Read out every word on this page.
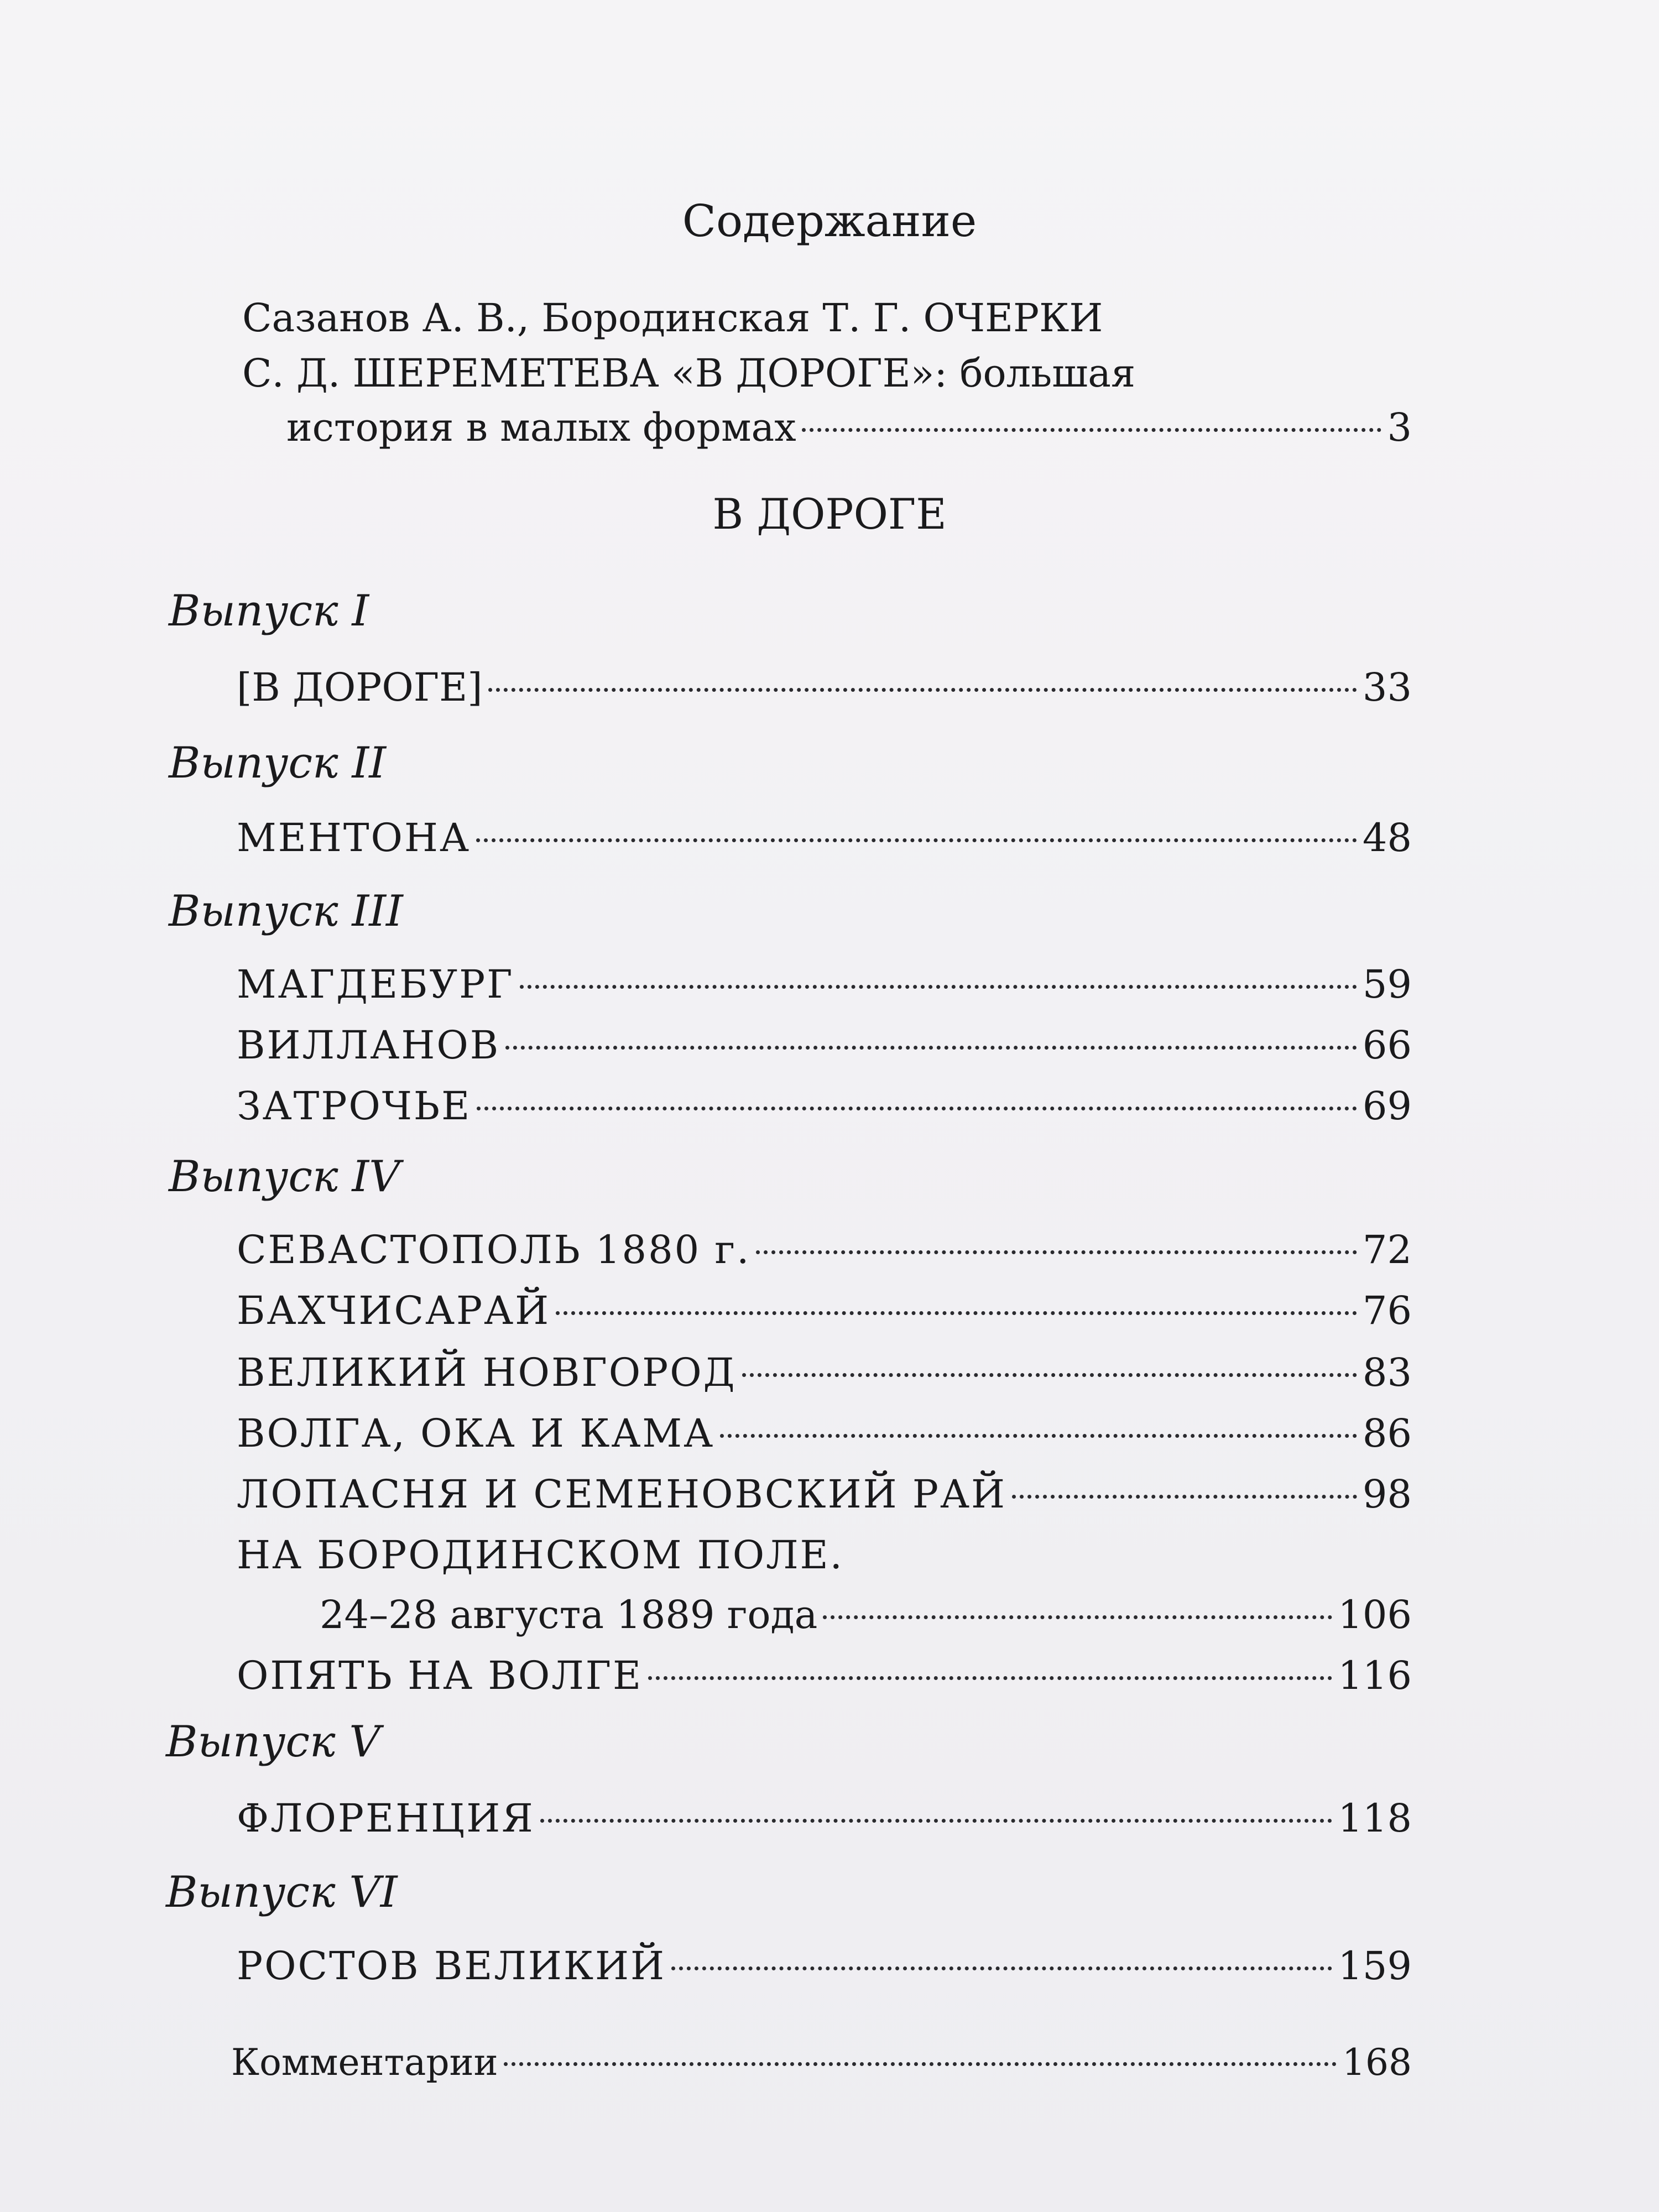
Содержание
Сазанов А. В., Бородинская Т. Г. ОЧЕРКИ
С. Д. ШЕРЕМЕТЕВА «В ДОРОГЕ»: большая
история в малых формах	3
В ДОРОГЕ
Выпуск I
[В ДОРОГЕ]	33
Выпуск II
МЕНТОНА	48
Выпуск III
МАГДЕБУРГ	59
ВИЛЛАНОВ	66
ЗАТРОЧЬЕ	69
Выпуск IV
СЕВАСТОПОЛЬ 1880 г.	72
БАХЧИСАРАЙ	76
ВЕЛИКИЙ НОВГОРОД	83
ВОЛГА, ОКА И КАМА	86
ЛОПАСНЯ И СЕМЕНОВСКИЙ РАЙ	98
НА БОРОДИНСКОМ ПОЛЕ.
24–28 августа 1889 года	106
ОПЯТЬ НА ВОЛГЕ	116
Выпуск V
ФЛОРЕНЦИЯ	118
Выпуск VI
РОСТОВ ВЕЛИКИЙ	159
Комментарии	168
